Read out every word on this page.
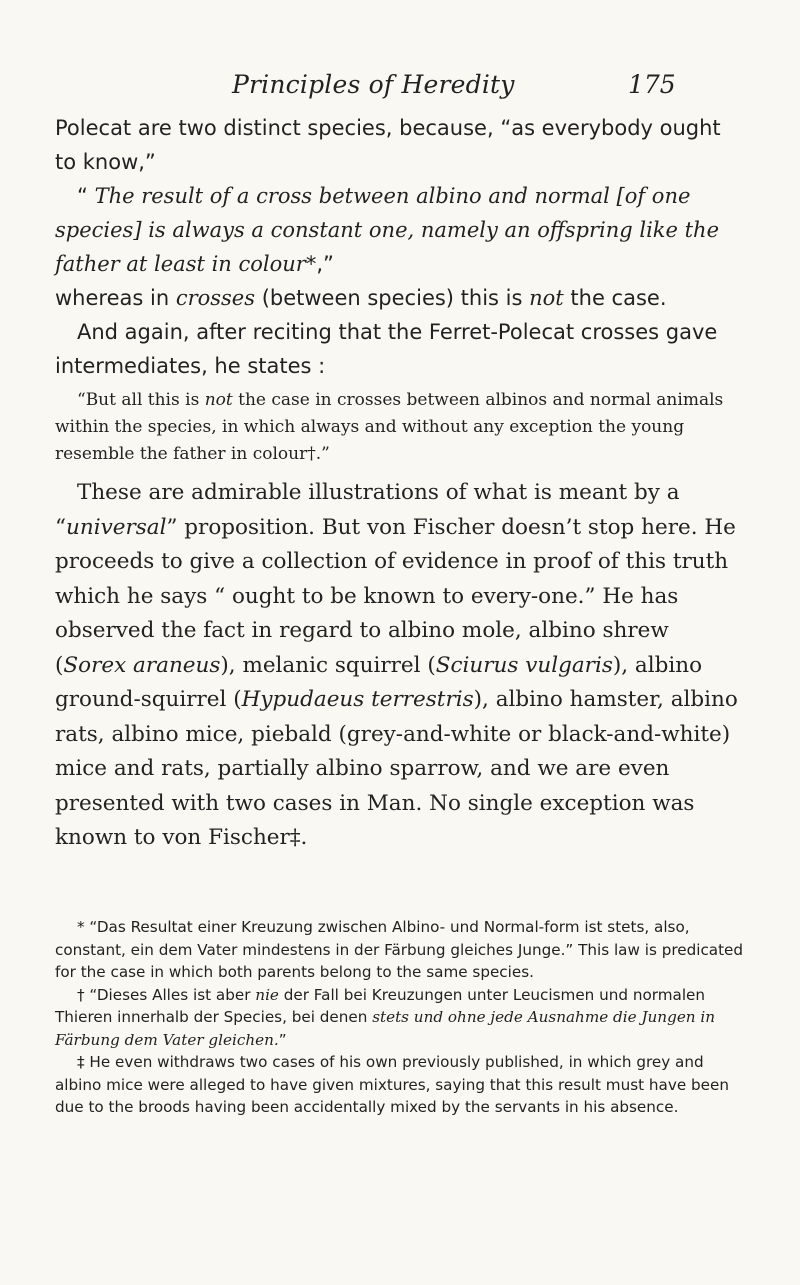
Principles of Heredity	175

Polecat are two distinct species, because, “as everybody ought to know,”

“ The result of a cross between albino and normal [of one species] is always a constant one, namely an offspring like the father at least in colour*,”

whereas in crosses (between species) this is not the case.

And again, after reciting that the Ferret-Polecat crosses gave intermediates, he states :

“But all this is not the case in crosses between albinos and normal animals within the species, in which always and without any exception the young resemble the father in colour†.”

These are admirable illustrations of what is meant by a “universal” proposition. But von Fischer doesn’t stop here. He proceeds to give a collection of evidence in proof of this truth which he says “ ought to be known to every-one.” He has observed the fact in regard to albino mole, albino shrew (Sorex araneus), melanic squirrel (Sciurus vulgaris), albino ground-squirrel (Hypudaeus terrestris), albino hamster, albino rats, albino mice, piebald (grey-and-white or black-and-white) mice and rats, partially albino sparrow, and we are even presented with two cases in Man. No single exception was known to von Fischer‡.

* “Das Resultat einer Kreuzung zwischen Albino- und Normal-form ist stets, also, constant, ein dem Vater mindestens in der Färbung gleiches Junge.” This law is predicated for the case in which both parents belong to the same species.

† “Dieses Alles ist aber nie der Fall bei Kreuzungen unter Leucismen und normalen Thieren innerhalb der Species, bei denen stets und ohne jede Ausnahme die Jungen in Färbung dem Vater gleichen.”

‡ He even withdraws two cases of his own previously published, in which grey and albino mice were alleged to have given mixtures, saying that this result must have been due to the broods having been accidentally mixed by the servants in his absence.
